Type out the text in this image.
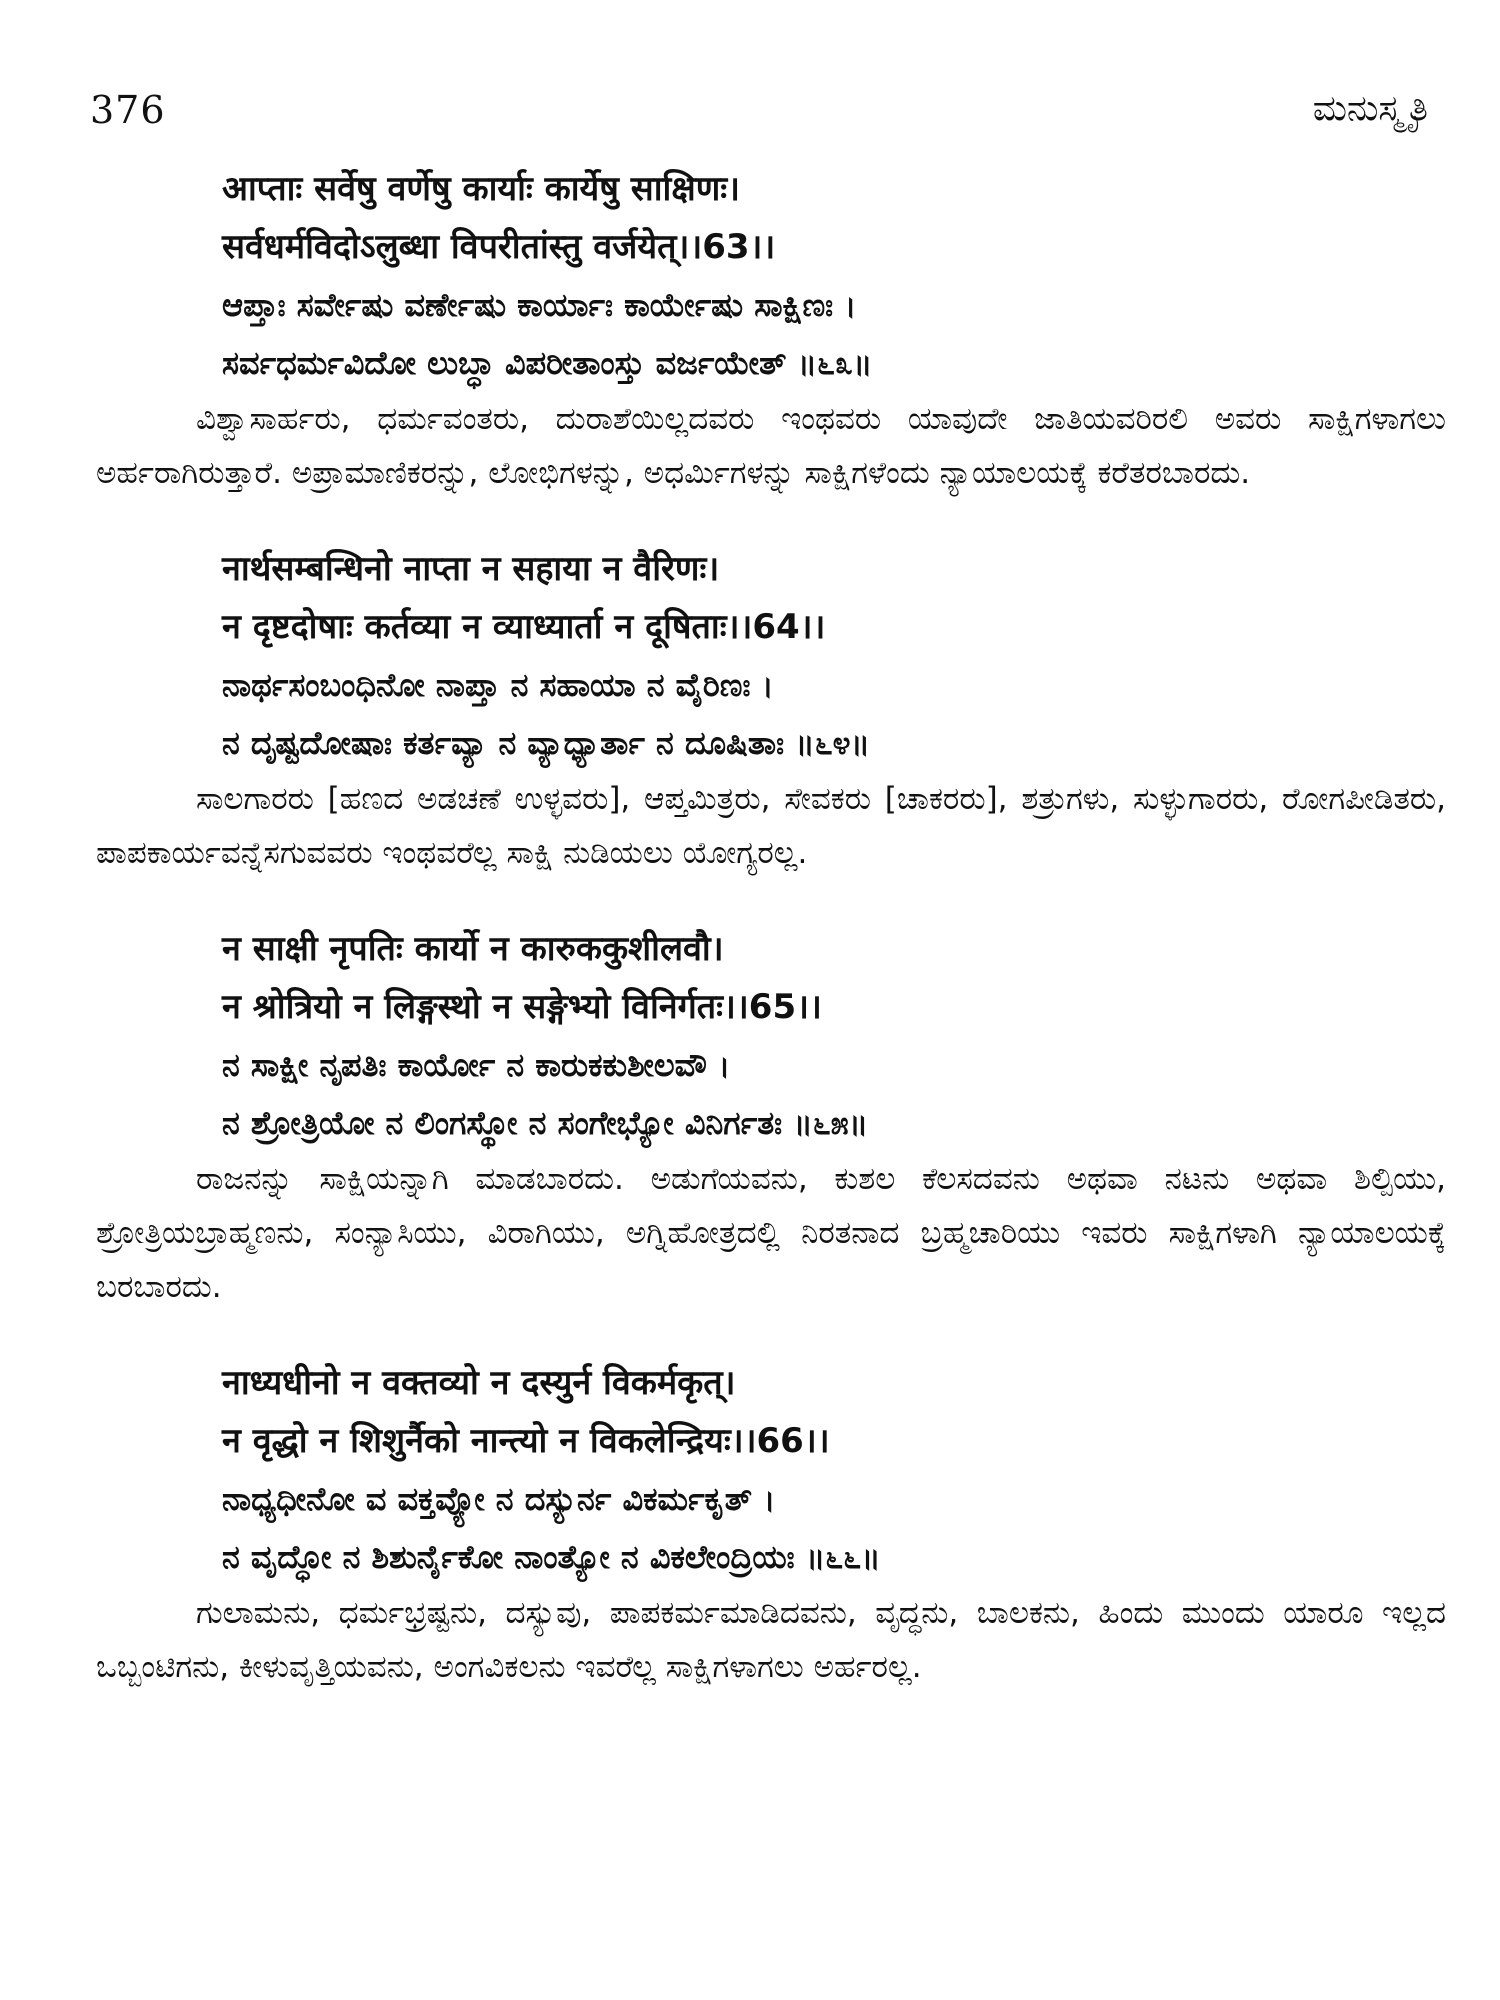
376	ಮನುಸ್ಮೃತಿ
आप्ताः सर्वेषु वर्णेषु कार्याः कार्येषु साक्षिणः।
सर्वधर्मविदोऽलुब्धा विपरीतांस्तु वर्जयेत्।।63।।
ಆಪ್ತಾಃ ಸರ್ವೇಷು ವರ್ಣೇಷು ಕಾರ್ಯಾಃ ಕಾರ್ಯೇಷು ಸಾಕ್ಷಿಣಃ ।
ಸರ್ವಧರ್ಮವಿದೋ ಲುಬ್ಧಾ ವಿಪರೀತಾಂಸ್ತು ವರ್ಜಯೇತ್ ॥೬೩॥

ವಿಶ್ವಾಸಾರ್ಹರು, ಧರ್ಮವಂತರು, ದುರಾಶೆಯಿಲ್ಲದವರು ಇಂಥವರು ಯಾವುದೇ ಜಾತಿಯವರಿರಲಿ ಅವರು ಸಾಕ್ಷಿಗಳಾಗಲು ಅರ್ಹರಾಗಿರುತ್ತಾರೆ. ಅಪ್ರಾಮಾಣಿಕರನ್ನು, ಲೋಭಿಗಳನ್ನು, ಅಧರ್ಮಿಗಳನ್ನು ಸಾಕ್ಷಿಗಳೆಂದು ನ್ಯಾಯಾಲಯಕ್ಕೆ ಕರೆತರಬಾರದು.

नार्थसम्बन्धिनो नाप्ता न सहाया न वैरिणः।
न दृष्टदोषाः कर्तव्या न व्याध्यार्ता न दूषिताः।।64।।
ನಾರ್ಥಸಂಬಂಧಿನೋ ನಾಪ್ತಾ ನ ಸಹಾಯಾ ನ ವೈರಿಣಃ ।
ನ ದೃಷ್ಟದೋಷಾಃ ಕರ್ತವ್ಯಾ ನ ವ್ಯಾಧ್ಯಾರ್ತಾ ನ ದೂಷಿತಾಃ ॥೬೪॥

ಸಾಲಗಾರರು [ಹಣದ ಅಡಚಣೆ ಉಳ್ಳವರು], ಆಪ್ತಮಿತ್ರರು, ಸೇವಕರು [ಚಾಕರರು], ಶತ್ರುಗಳು, ಸುಳ್ಳುಗಾರರು, ರೋಗಪೀಡಿತರು, ಪಾಪಕಾರ್ಯವನ್ನೆಸಗುವವರು ಇಂಥವರೆಲ್ಲ ಸಾಕ್ಷಿ ನುಡಿಯಲು ಯೋಗ್ಯರಲ್ಲ.

न साक्षी नृपतिः कार्यो न कारुककुशीलवौ।
न श्रोत्रियो न लिङ्गस्थो न सङ्गेभ्यो विनिर्गतः।।65।।
ನ ಸಾಕ್ಷೀ ನೃಪತಿಃ ಕಾರ್ಯೋ ನ ಕಾರುಕಕುಶೀಲವೌ ।
ನ ಶ್ರೋತ್ರಿಯೋ ನ ಲಿಂಗಸ್ಥೋ ನ ಸಂಗೇಭ್ಯೋ ವಿನಿರ್ಗತಃ ॥೬೫॥

ರಾಜನನ್ನು ಸಾಕ್ಷಿಯನ್ನಾಗಿ ಮಾಡಬಾರದು. ಅಡುಗೆಯವನು, ಕುಶಲ ಕೆಲಸದವನು ಅಥವಾ ನಟನು ಅಥವಾ ಶಿಲ್ಪಿಯು, ಶ್ರೋತ್ರಿಯಬ್ರಾಹ್ಮಣನು, ಸಂನ್ಯಾಸಿಯು, ವಿರಾಗಿಯು, ಅಗ್ನಿಹೋತ್ರದಲ್ಲಿ ನಿರತನಾದ ಬ್ರಹ್ಮಚಾರಿಯು ಇವರು ಸಾಕ್ಷಿಗಳಾಗಿ ನ್ಯಾಯಾಲಯಕ್ಕೆ ಬರಬಾರದು.

नाध्यधीनो न वक्तव्यो न दस्युर्न विकर्मकृत्।
न वृद्धो न शिशुर्नैको नान्त्यो न विकलेन्द्रियः।।66।।
ನಾಧ್ಯಧೀನೋ ವ ವಕ್ತವ್ಯೋ ನ ದಸ್ಯುರ್ನ ವಿಕರ್ಮಕೃತ್ ।
ನ ವೃದ್ಧೋ ನ ಶಿಶುರ್ನೈಕೋ ನಾಂತ್ಯೋ ನ ವಿಕಲೇಂದ್ರಿಯಃ ॥೬೬॥

ಗುಲಾಮನು, ಧರ್ಮಭ್ರಷ್ಟನು, ದಸ್ಯುವು, ಪಾಪಕರ್ಮಮಾಡಿದವನು, ವೃದ್ಧನು, ಬಾಲಕನು, ಹಿಂದು ಮುಂದು ಯಾರೂ ಇಲ್ಲದ ಒಬ್ಬಂಟಿಗನು, ಕೀಳುವೃತ್ತಿಯವನು, ಅಂಗವಿಕಲನು ಇವರೆಲ್ಲ ಸಾಕ್ಷಿಗಳಾಗಲು ಅರ್ಹರಲ್ಲ.
